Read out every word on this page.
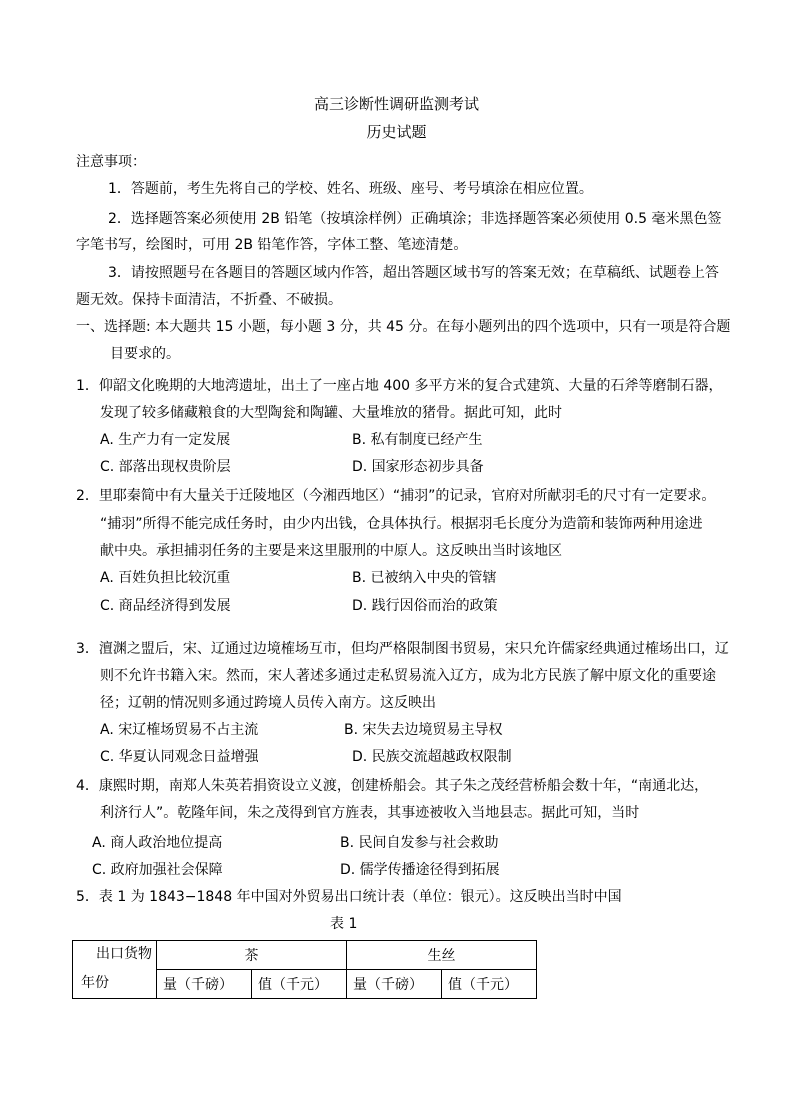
高三诊断性调研监测考试
历史试题
注意事项：
1．答题前，考生先将自己的学校、姓名、班级、座号、考号填涂在相应位置。
2．选择题答案必须使用 2B 铅笔（按填涂样例）正确填涂；非选择题答案必须使用 0.5 毫米黑色签
字笔书写，绘图时，可用 2B 铅笔作答，字体工整、笔迹清楚。
3．请按照题号在各题目的答题区域内作答，超出答题区域书写的答案无效；在草稿纸、试题卷上答
题无效。保持卡面清洁，不折叠、不破损。
一、选择题: 本大题共 15 小题，每小题 3 分，共 45 分。在每小题列出的四个选项中，只有一项是符合题
目要求的。
1．仰韶文化晚期的大地湾遗址，出土了一座占地 400 多平方米的复合式建筑、大量的石斧等磨制石器，
发现了较多储藏粮食的大型陶瓮和陶罐、大量堆放的猪骨。据此可知，此时
A. 生产力有一定发展	B. 私有制度已经产生
C. 部落出现权贵阶层	D. 国家形态初步具备
2．里耶秦简中有大量关于迁陵地区（今湘西地区）“捕羽”的记录，官府对所献羽毛的尺寸有一定要求。
“捕羽”所得不能完成任务时，由少内出钱，仓具体执行。根据羽毛长度分为造箭和装饰两种用途进
献中央。承担捕羽任务的主要是来这里服刑的中原人。这反映出当时该地区
A. 百姓负担比较沉重	B. 已被纳入中央的管辖
C. 商品经济得到发展	D. 践行因俗而治的政策
3．澶渊之盟后，宋、辽通过边境榷场互市，但均严格限制图书贸易，宋只允许儒家经典通过榷场出口，辽
则不允许书籍入宋。然而，宋人著述多通过走私贸易流入辽方，成为北方民族了解中原文化的重要途
径；辽朝的情况则多通过跨境人员传入南方。这反映出
A. 宋辽榷场贸易不占主流	B. 宋失去边境贸易主导权
C. 华夏认同观念日益增强	D. 民族交流超越政权限制
4．康熙时期，南郑人朱英若捐资设立义渡，创建桥船会。其子朱之茂经营桥船会数十年，“南通北达，
利济行人”。乾隆年间，朱之茂得到官方旌表，其事迹被收入当地县志。据此可知，当时
A. 商人政治地位提高	B. 民间自发参与社会救助
C. 政府加强社会保障	D. 儒学传播途径得到拓展
5．表 1 为 1843−1848 年中国对外贸易出口统计表（单位：银元）。这反映出当时中国
表 1
出口货物
年份	茶		生丝	
	量（千磅）	值（千元）	量（千磅）	值（千元）
